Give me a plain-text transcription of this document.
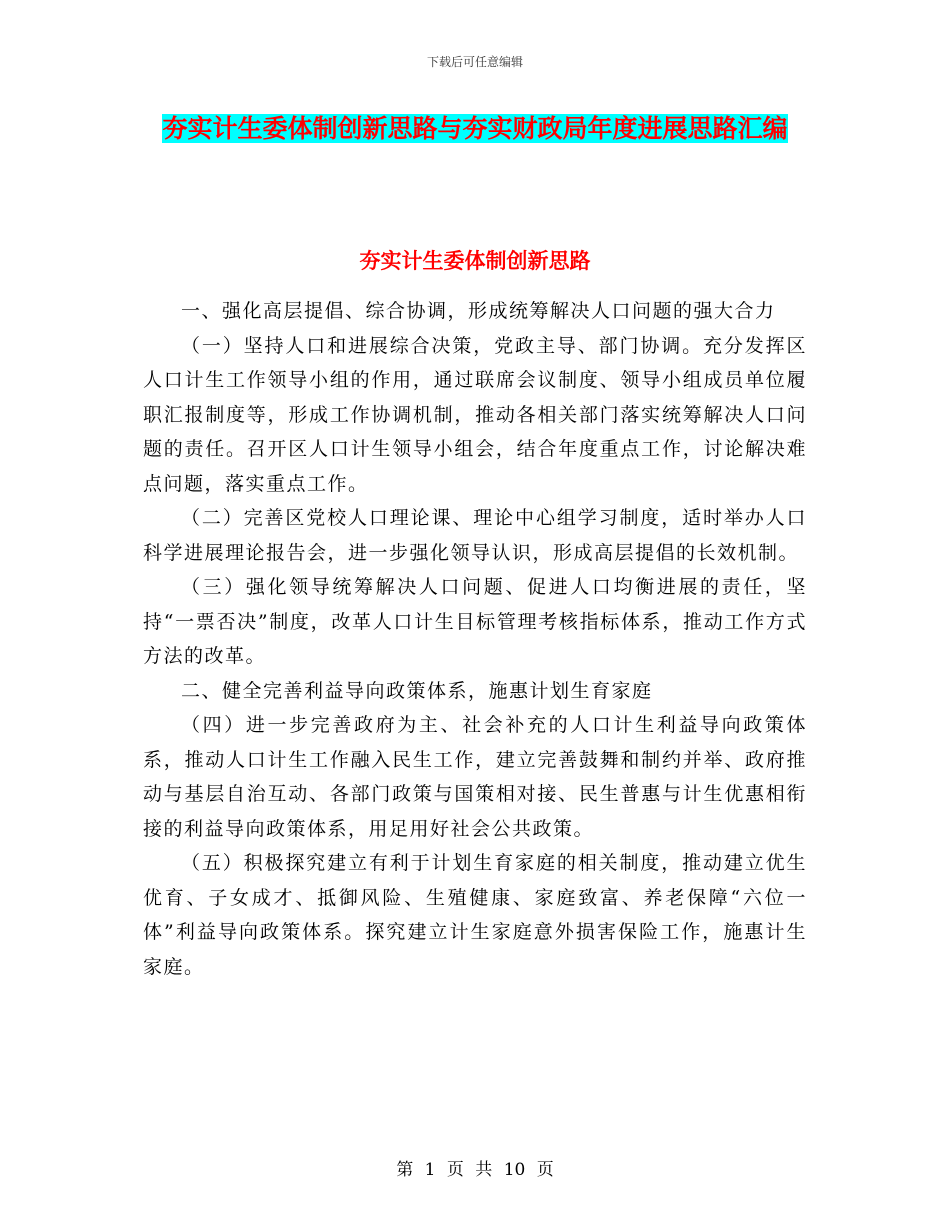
下载后可任意编辑
夯实计生委体制创新思路与夯实财政局年度进展思路汇编
夯实计生委体制创新思路

一、强化高层提倡、综合协调，形成统筹解决人口问题的强大合力

（一）坚持人口和进展综合决策，党政主导、部门协调。充分发挥区人口计生工作领导小组的作用，通过联席会议制度、领导小组成员单位履职汇报制度等，形成工作协调机制，推动各相关部门落实统筹解决人口问题的责任。召开区人口计生领导小组会，结合年度重点工作，讨论解决难点问题，落实重点工作。

（二）完善区党校人口理论课、理论中心组学习制度，适时举办人口科学进展理论报告会，进一步强化领导认识，形成高层提倡的长效机制。

（三）强化领导统筹解决人口问题、促进人口均衡进展的责任，坚持“一票否决”制度，改革人口计生目标管理考核指标体系，推动工作方式方法的改革。

二、健全完善利益导向政策体系，施惠计划生育家庭

（四）进一步完善政府为主、社会补充的人口计生利益导向政策体系，推动人口计生工作融入民生工作，建立完善鼓舞和制约并举、政府推动与基层自治互动、各部门政策与国策相对接、民生普惠与计生优惠相衔接的利益导向政策体系，用足用好社会公共政策。

（五）积极探究建立有利于计划生育家庭的相关制度，推动建立优生优育、子女成才、抵御风险、生殖健康、家庭致富、养老保障“六位一体”利益导向政策体系。探究建立计生家庭意外损害保险工作，施惠计生家庭。

第 1 页 共 10 页
